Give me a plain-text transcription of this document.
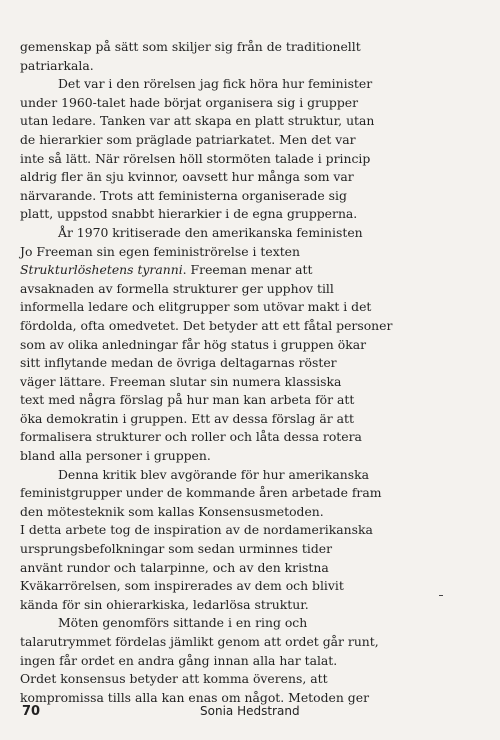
gemenskap på sätt som skiljer sig från de traditionellt
patriarkala.

Det var i den rörelsen jag fick höra hur feminister
under 1960-talet hade börjat organisera sig i grupper
utan ledare. Tanken var att skapa en platt struktur, utan
de hierarkier som präglade patriarkatet. Men det var
inte så lätt. När rörelsen höll stormöten talade i princip
aldrig fler än sju kvinnor, oavsett hur många som var
närvarande. Trots att feministerna organiserade sig
platt, uppstod snabbt hierarkier i de egna grupperna.

År 1970 kritiserade den amerikanska feministen
Jo Freeman sin egen feministrörelse i texten
Strukturlöshetens tyranni. Freeman menar att
avsaknaden av formella strukturer ger upphov till
informella ledare och elitgrupper som utövar makt i det
fördolda, ofta omedvetet. Det betyder att ett fåtal personer
som av olika anledningar får hög status i gruppen ökar
sitt inflytande medan de övriga deltagarnas röster
väger lättare. Freeman slutar sin numera klassiska
text med några förslag på hur man kan arbeta för att
öka demokratin i gruppen. Ett av dessa förslag är att
formalisera strukturer och roller och låta dessa rotera
bland alla personer i gruppen.

Denna kritik blev avgörande för hur amerikanska
feministgrupper under de kommande åren arbetade fram
den mötesteknik som kallas Konsensusmetoden.

I detta arbete tog de inspiration av de nordamerikanska
ursprungsbefolkningar som sedan urminnes tider
använt rundor och talarpinne, och av den kristna
Kväkarrörelsen, som inspirerades av dem och blivit
kända för sin ohierarkiska, ledarlösa struktur.

Möten genomförs sittande i en ring och
talarutrymmet fördelas jämlikt genom att ordet går runt,
ingen får ordet en andra gång innan alla har talat.
Ordet konsensus betyder att komma överens, att
kompromissa tills alla kan enas om något. Metoden ger

70	Sonia Hedstrand
